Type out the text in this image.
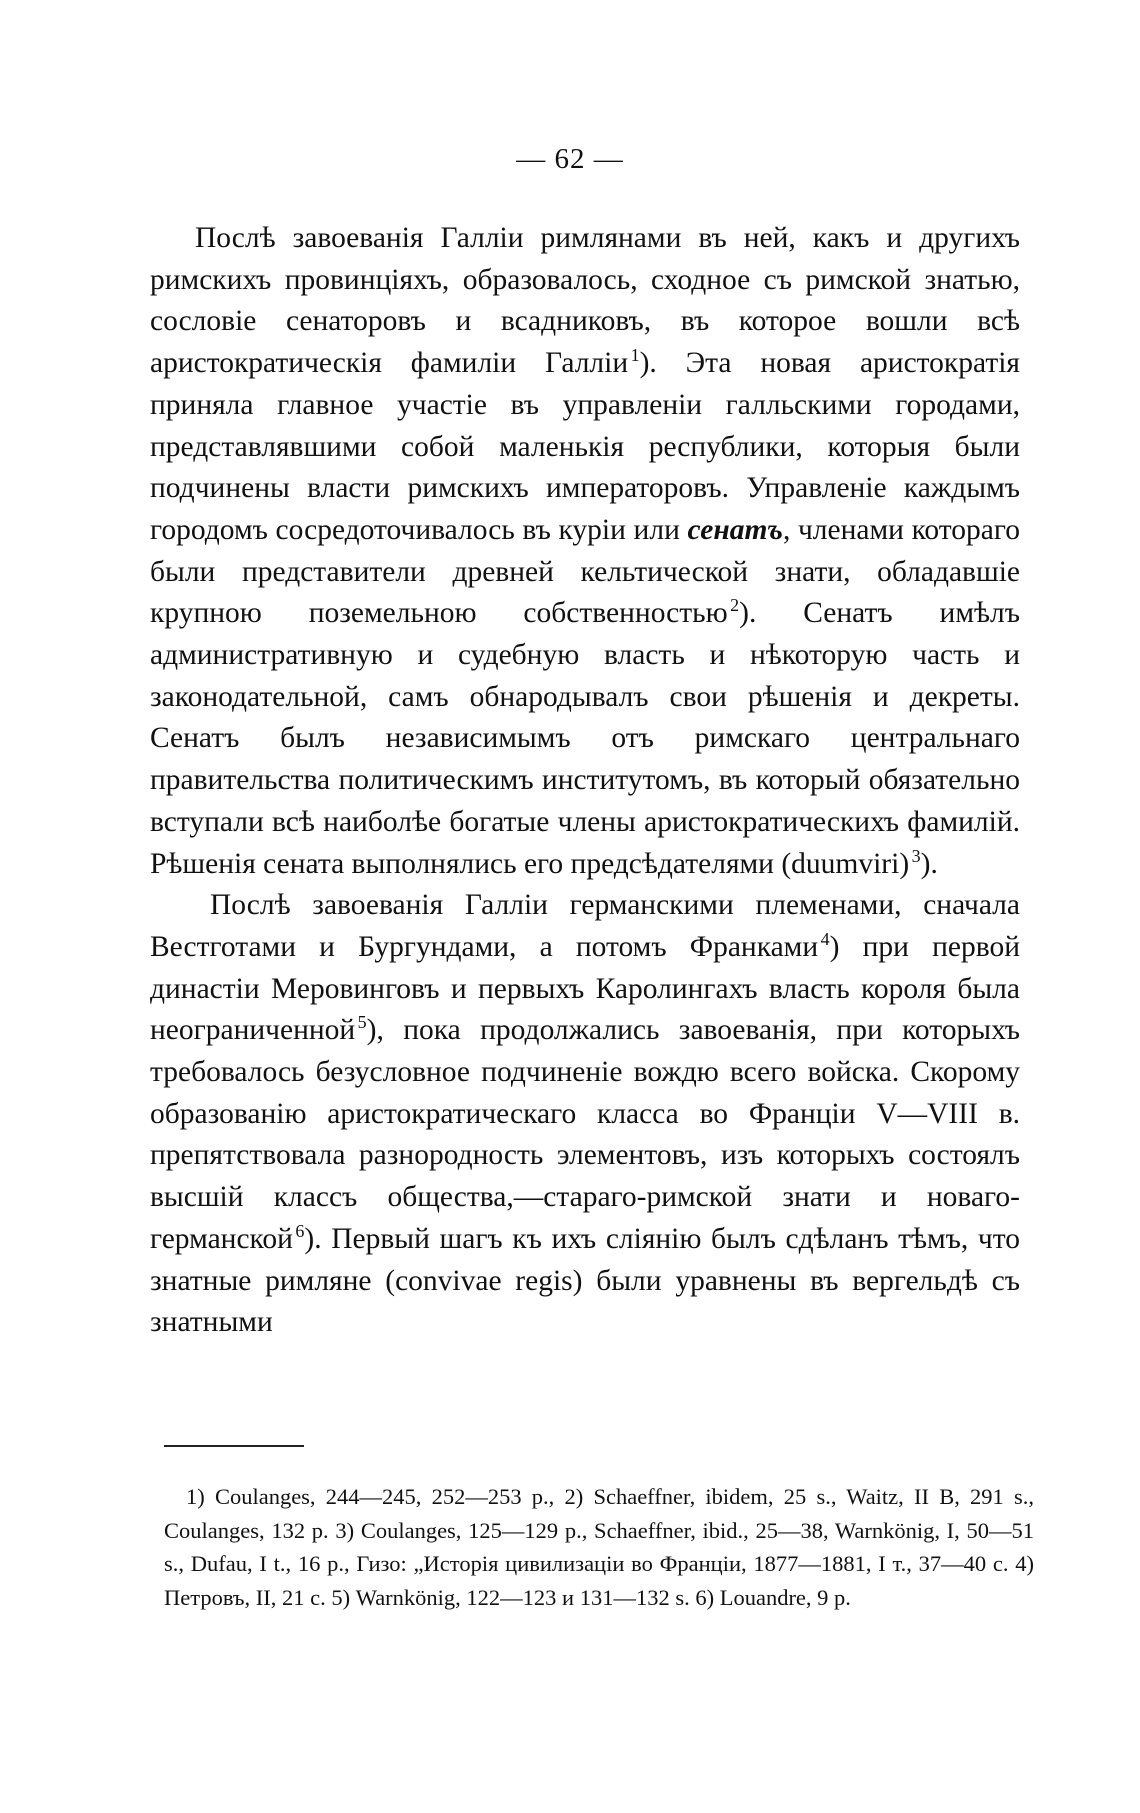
— 62 —

Послѣ завоеванія Галліи римлянами въ ней, какъ и другихъ римскихъ провинціяхъ, образовалось, сходное съ римской знатью, сословіе сенаторовъ и всадниковъ, въ которое вошли всѣ аристократическія фамиліи Галліи  $^1$). Эта новая аристократія приняла главное участіе въ управленіи галльскими городами, представлявшими собой маленькія республики, которыя были подчинены власти римскихъ императоровъ. Управленіе каждымъ городомъ сосредоточивалось въ куріи или сенатъ, членами котораго были представители древней кельтической знати, обладавшіе крупною поземельною собственностью  $^2$). Сенатъ имѣлъ административную и судебную власть и нѣкоторую часть и законодательной, самъ обнародывалъ свои рѣшенія и декреты. Сенатъ былъ независимымъ отъ римскаго центральнаго правительства политическимъ институтомъ, въ который обязательно вступали всѣ наиболѣе богатые члены аристократическихъ фамилій. Рѣшенія сената выполнялись его предсѣдателями (duumviri)  $^3$).

Послѣ завоеванія Галліи германскими племенами, сначала Вестготами и Бургундами, а потомъ Франками  $^4$) при первой династіи Меровинговъ и первыхъ Каролингахъ власть короля была неограниченной  $^5$), пока продолжались завоеванія, при которыхъ требовалось безусловное подчиненіе вождю всего войска. Скорому образованію аристократическаго класса во Франціи V—VIII в. препятствовала разнородность элементовъ, изъ которыхъ состоялъ высшій классъ общества,—стараго-римской знати и новаго-германской  $^6$). Первый шагъ къ ихъ сліянію былъ сдѣланъ тѣмъ, что знатные римляне (convivae regis) были уравнены въ вергельдѣ съ знатными

1) Coulanges, 244—245, 252—253 p., 2) Schaeffner, ibidem, 25 s., Waitz, II B, 291 s., Coulanges, 132 p. 3) Coulanges, 125—129 p., Schaeffner, ibid., 25—38, Warnkönig, I, 50—51 s., Dufau, I t., 16 p., Гизо: „Исторія цивилизаціи во Франціи, 1877—1881, I т., 37—40 с. 4) Петровъ, II, 21 с. 5) Warnkönig, 122—123 и 131—132 s. 6) Louandre, 9 p.
